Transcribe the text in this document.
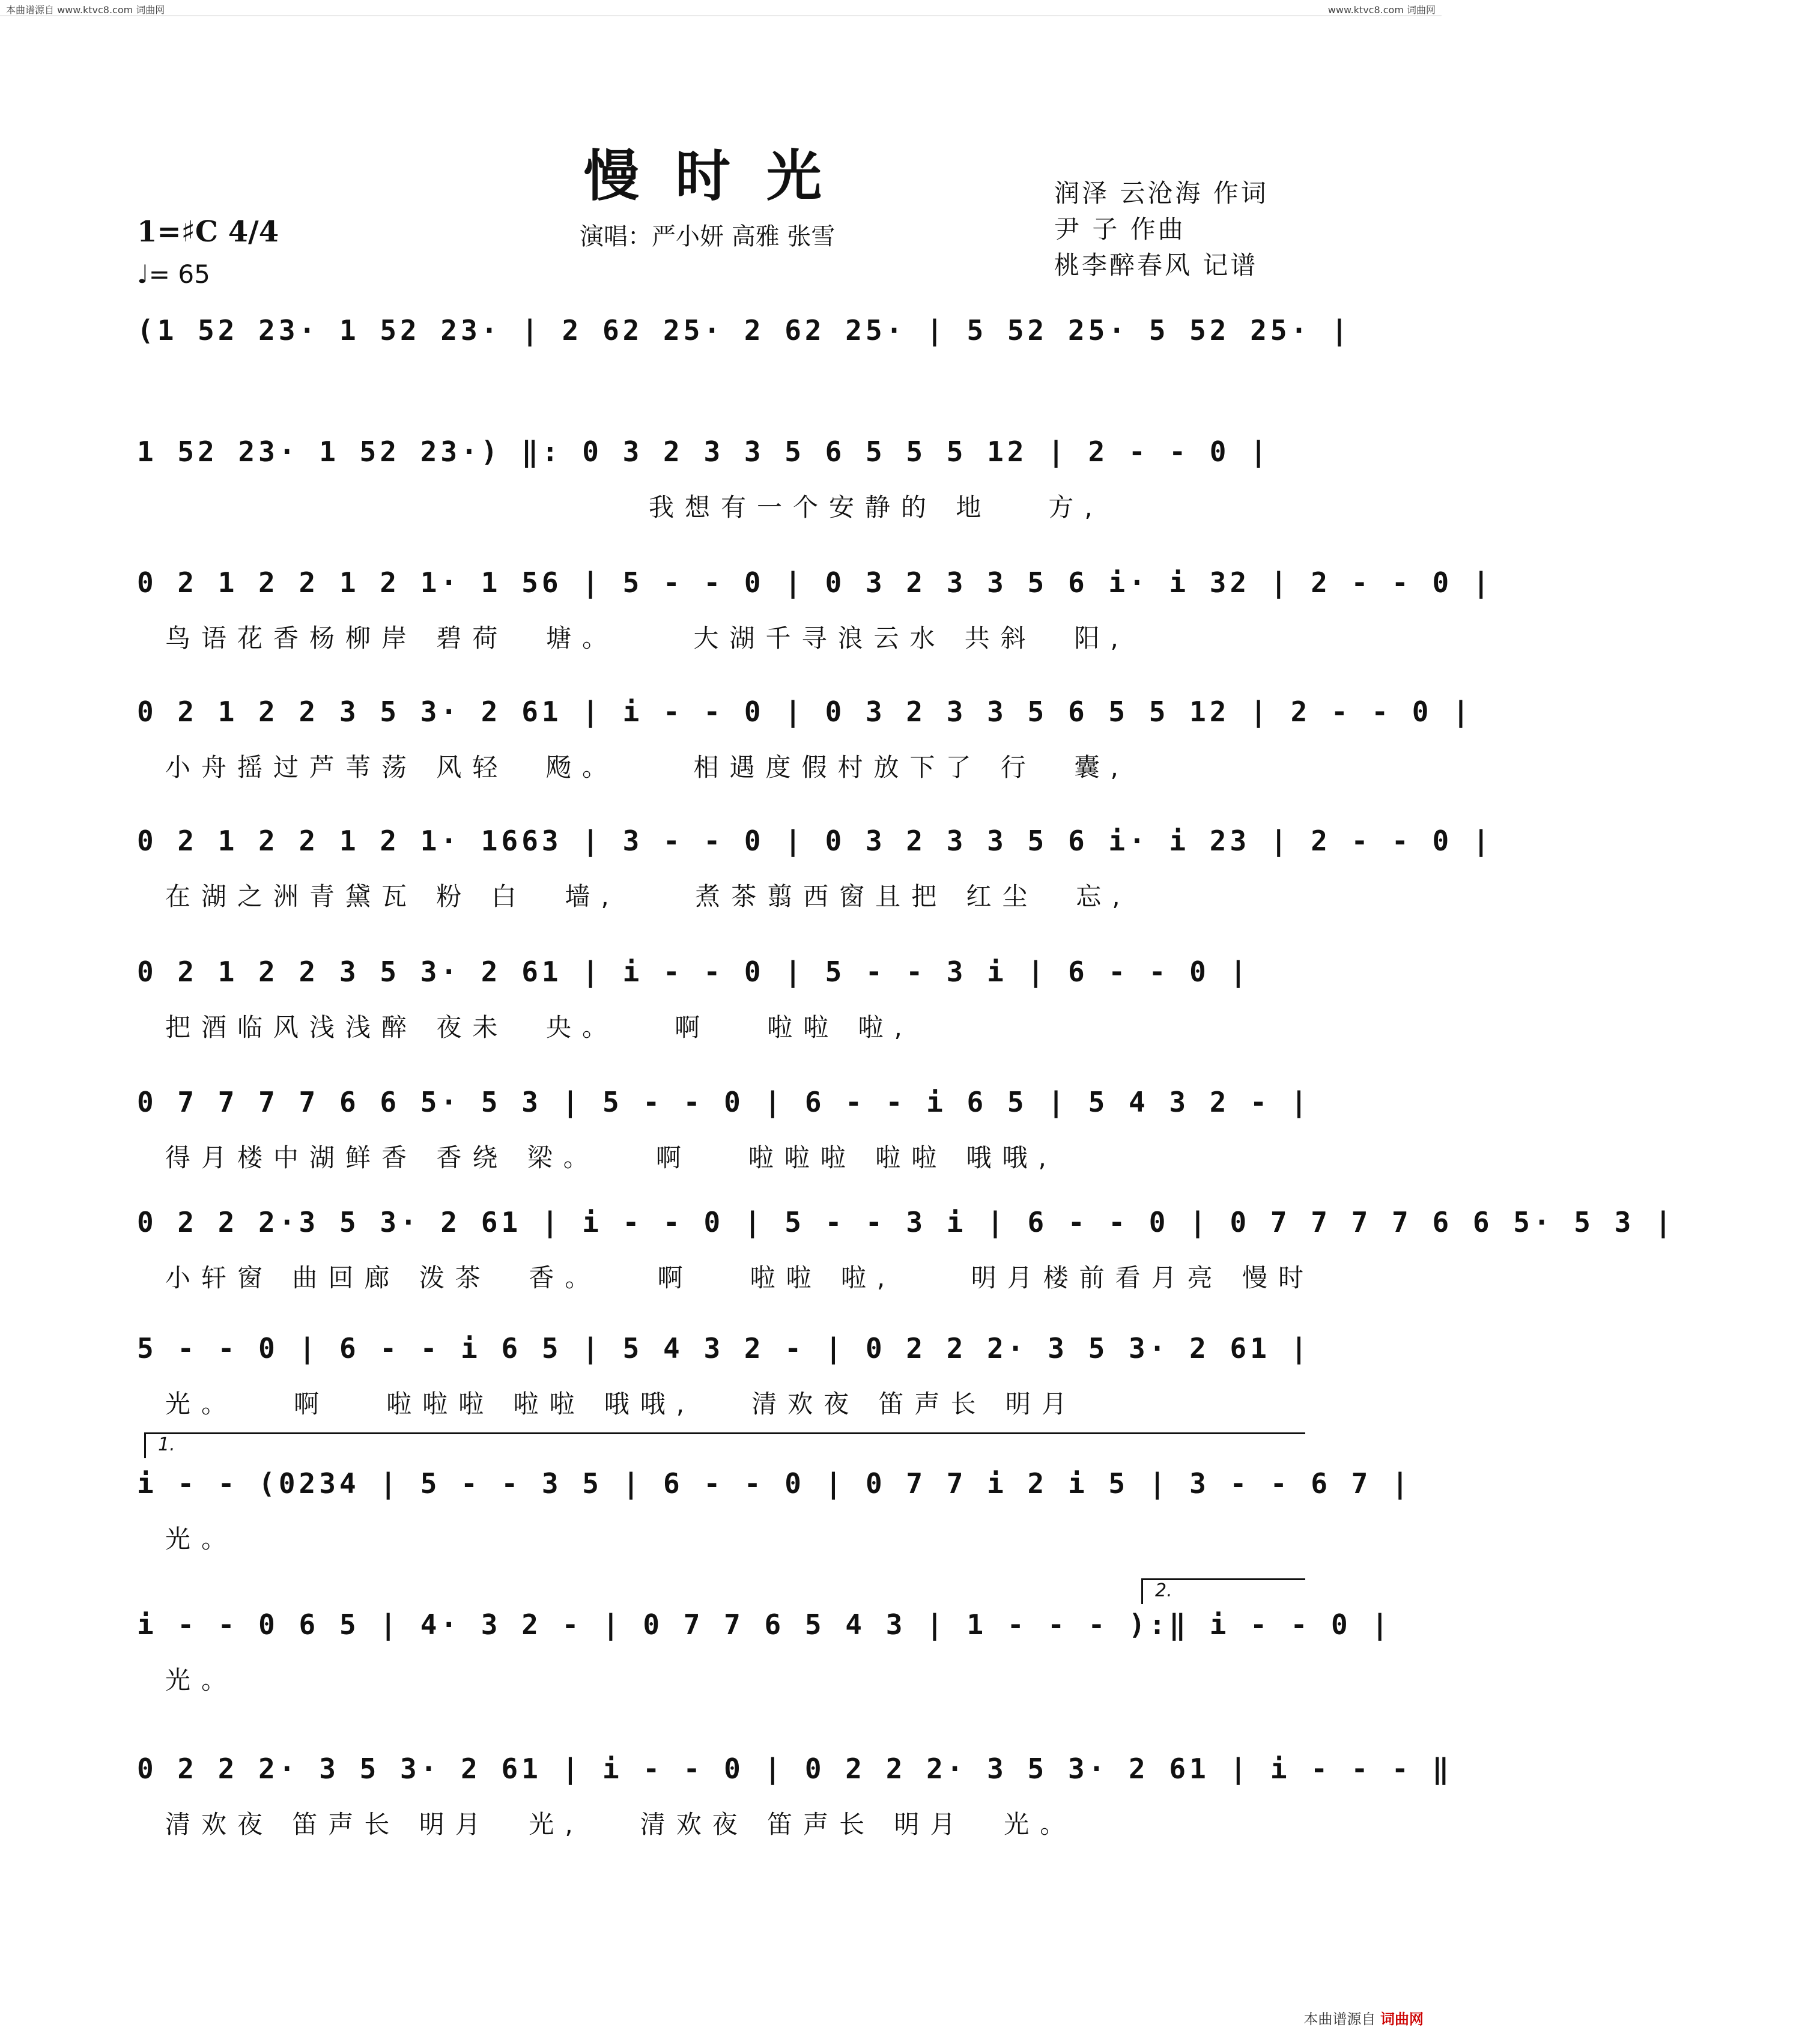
本曲谱源自 www.ktvc8.com 词曲网	www.ktvc8.com 词曲网
慢时光
1=♯C 4/4
♩= 65
演唱：严小妍 高雅 张雪
润泽 云沧海 作词
尹 子 作曲
桃李醉春风 记谱
(1 52 23· 1 52 23· | 2 62 25· 2 62 25· | 5 52 25· 5 52 25· |
1 52 23· 1 52 23·) ‖: 0 3 2 3 3 5 6 5 5 5 12 | 2 - - 0 |
我想有一个安静的 地   方,
0 2 1 2 2 1 2 1· 1 56 | 5 - - 0 | 0 3 2 3 3 5 6 i· i 32 | 2 - - 0 |
鸟语花香杨柳岸 碧荷  塘。    大湖千寻浪云水 共斜  阳,
0 2 1 2 2 3 5 3· 2 61 | i - - 0 | 0 3 2 3 3 5 6 5 5 12 | 2 - - 0 |
小舟摇过芦苇荡 风轻  飏。    相遇度假村放下了 行  囊,
0 2 1 2 2 1 2 1· 1663 | 3 - - 0 | 0 3 2 3 3 5 6 i· i 23 | 2 - - 0 |
在湖之洲青黛瓦 粉 白  墙,    煮茶翦西窗且把 红尘  忘,
0 2 1 2 2 3 5 3· 2 61 | i - - 0 | 5 - - 3 i | 6 - - 0 |
把酒临风浅浅醉 夜未  央。   啊   啦啦 啦,
0 7 7 7 7 6 6 5· 5 3 | 5 - - 0 | 6 - - i 6 5 | 5 4 3 2 - |
得月楼中湖鲜香 香绕 梁。   啊   啦啦啦 啦啦 哦哦,
0 2 2 2·3 5 3· 2 61 | i - - 0 | 5 - - 3 i | 6 - - 0 | 0 7 7 7 7 6 6 5· 5 3 |
小轩窗 曲回廊 泼茶  香。   啊   啦啦 啦,    明月楼前看月亮 慢时
5 - - 0 | 6 - - i 6 5 | 5 4 3 2 - | 0 2 2 2· 3 5 3· 2 61 |
光。   啊   啦啦啦 啦啦 哦哦,   清欢夜 笛声长 明月
i - - (0234 | 5 - - 3 5 | 6 - - 0 | 0 7 7 i 2 i 5 | 3 - - 6 7 |
光。
i - - 0 6 5 | 4· 3 2 - | 0 7 7 6 5 4 3 | 1 - - - ):‖ i - - 0 |
光。
0 2 2 2· 3 5 3· 2 61 | i - - 0 | 0 2 2 2· 3 5 3· 2 61 | i - - - ‖
清欢夜 笛声长 明月  光,   清欢夜 笛声长 明月  光。
1.
2.
本曲谱源自 词曲网
